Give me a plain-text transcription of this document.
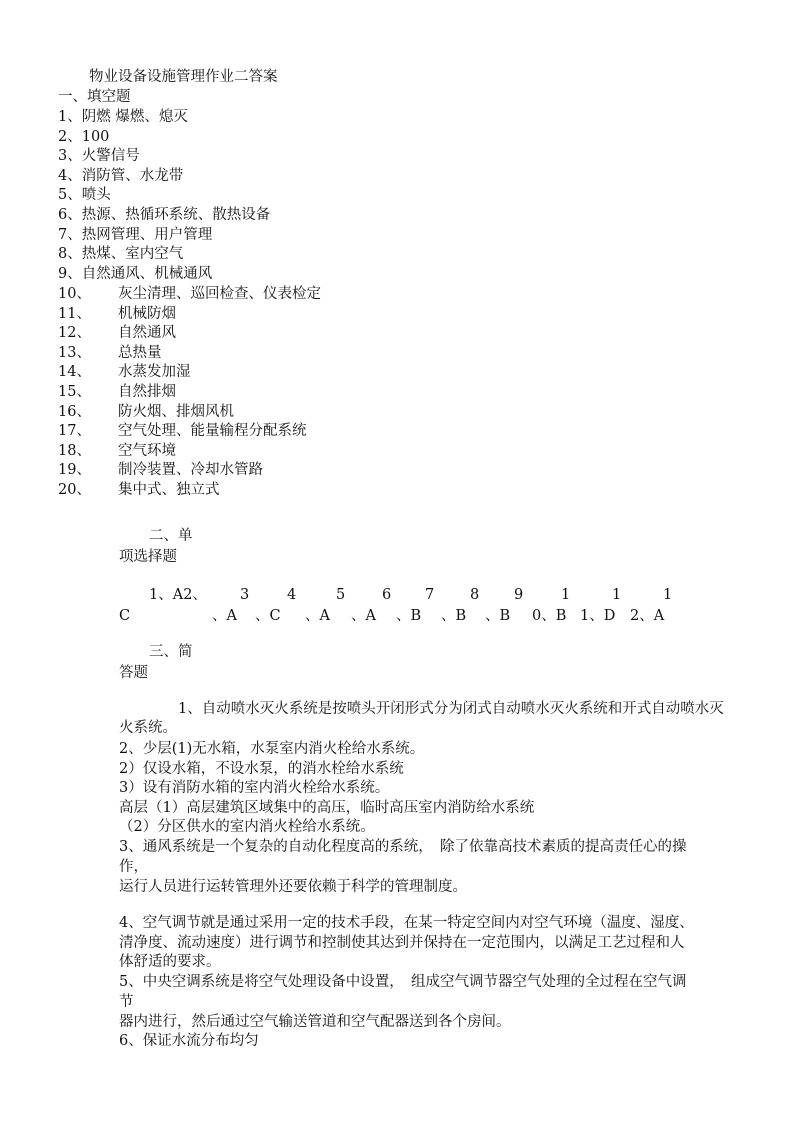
物业设备设施管理作业二答案
一、填空题
1、阴燃 爆燃、熄灭
2、100
3、火警信号
4、消防管、水龙带
5、喷头
6、热源、热循环系统、散热设备
7、热网管理、用户管理
8、热煤、室内空气
9、自然通风、机械通风
10、 灰尘清理、巡回检查、仪表检定
11、 机械防烟
12、 自然通风
13、 总热量
14、 水蒸发加湿
15、 自然排烟
16、 防火烟、排烟风机
17、 空气处理、能量输程分配系统
18、 空气环境
19、 制冷装置、冷却水管路
20、 集中式、独立式
二、单
项选择题
1、A2、 3	4	5	6 7 8 9	1	1	1
C	、A 、C 、A 、A 、B 、B 、B 0、B 1、D 2、A
三、简
答题
1、自动喷水灭火系统是按喷头开闭形式分为闭式自动喷水灭火系统和开式自动喷水灭
火系统。
2、少层(1)无水箱，水泵室内消火栓给水系统。
2）仅设水箱，不设水泵，的消水栓给水系统
3）设有消防水箱的室内消火栓给水系统。
高层（1）高层建筑区域集中的高压，临时高压室内消防给水系统
（2）分区供水的室内消火栓给水系统。
3、通风系统是一个复杂的自动化程度高的系统，　除了依靠高技术素质的提高责任心的操
作，
运行人员进行运转管理外还要依赖于科学的管理制度。
4、空气调节就是通过采用一定的技术手段，在某一特定空间内对空气环境（温度、湿度、
清净度、流动速度）进行调节和控制使其达到并保持在一定范围内，以满足工艺过程和人
体舒适的要求。
5、中央空调系统是将空气处理设备中设置，　组成空气调节器空气处理的全过程在空气调
节
器内进行，然后通过空气输送管道和空气配器送到各个房间。
6、保证水流分布均匀
